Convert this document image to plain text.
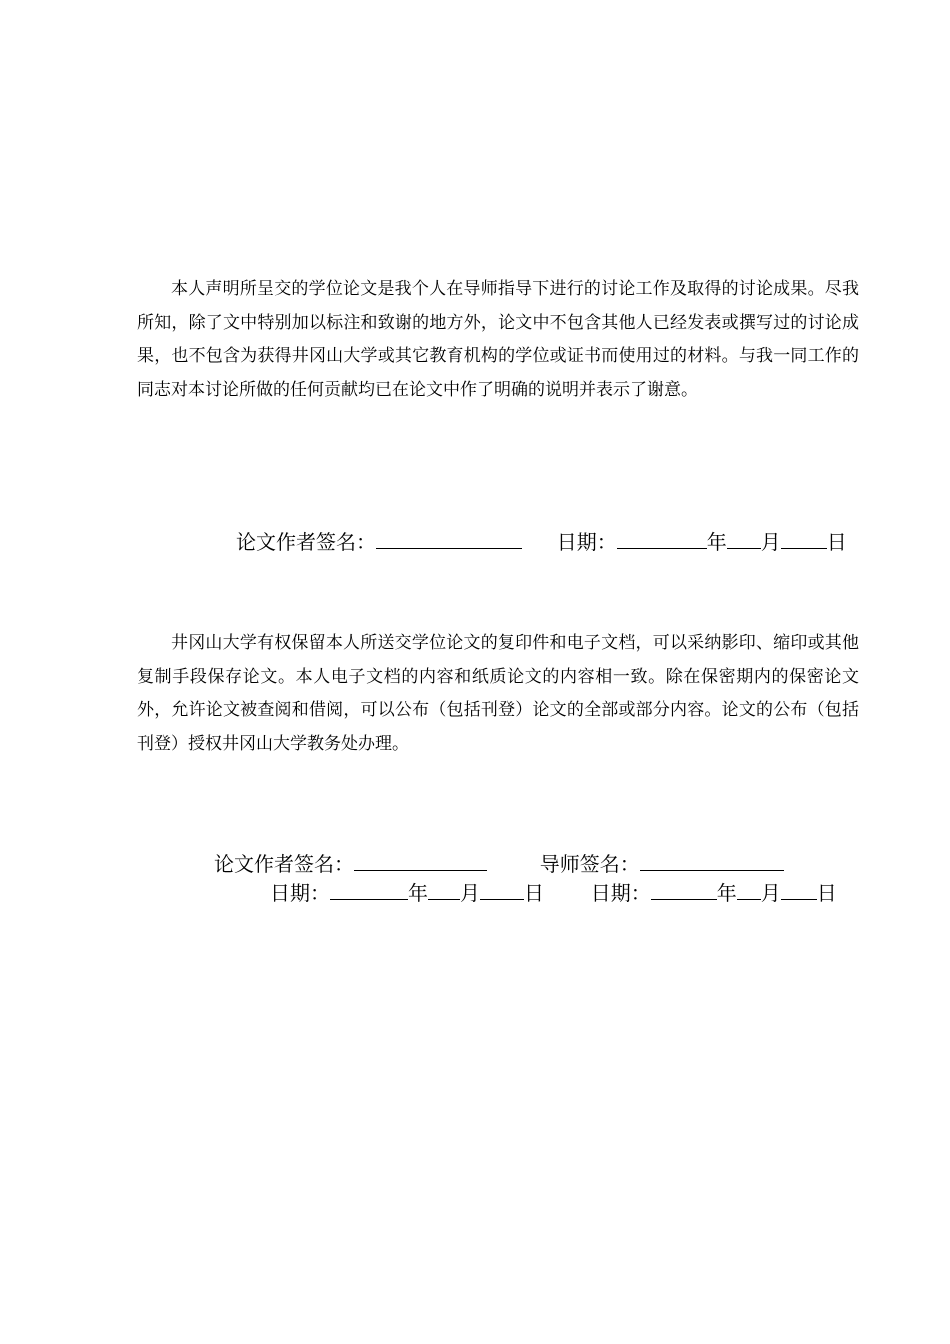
本人声明所呈交的学位论文是我个人在导师指导下进行的讨论工作及取得的讨论成果。尽我所知，除了文中特别加以标注和致谢的地方外，论文中不包含其他人已经发表或撰写过的讨论成果，也不包含为获得井冈山大学或其它教育机构的学位或证书而使用过的材料。与我一同工作的同志对本讨论所做的任何贡献均已在论文中作了明确的说明并表示了谢意。

论文作者签名：	日期：	年 月 日

井冈山大学有权保留本人所送交学位论文的复印件和电子文档，可以采纳影印、缩印或其他复制手段保存论文。本人电子文档的内容和纸质论文的内容相一致。除在保密期内的保密论文外，允许论文被查阅和借阅，可以公布（包括刊登）论文的全部或部分内容。论文的公布（包括刊登）授权井冈山大学教务处办理。

论文作者签名：	导师签名：
日期：	年 月 日 日期：	年 月 日
